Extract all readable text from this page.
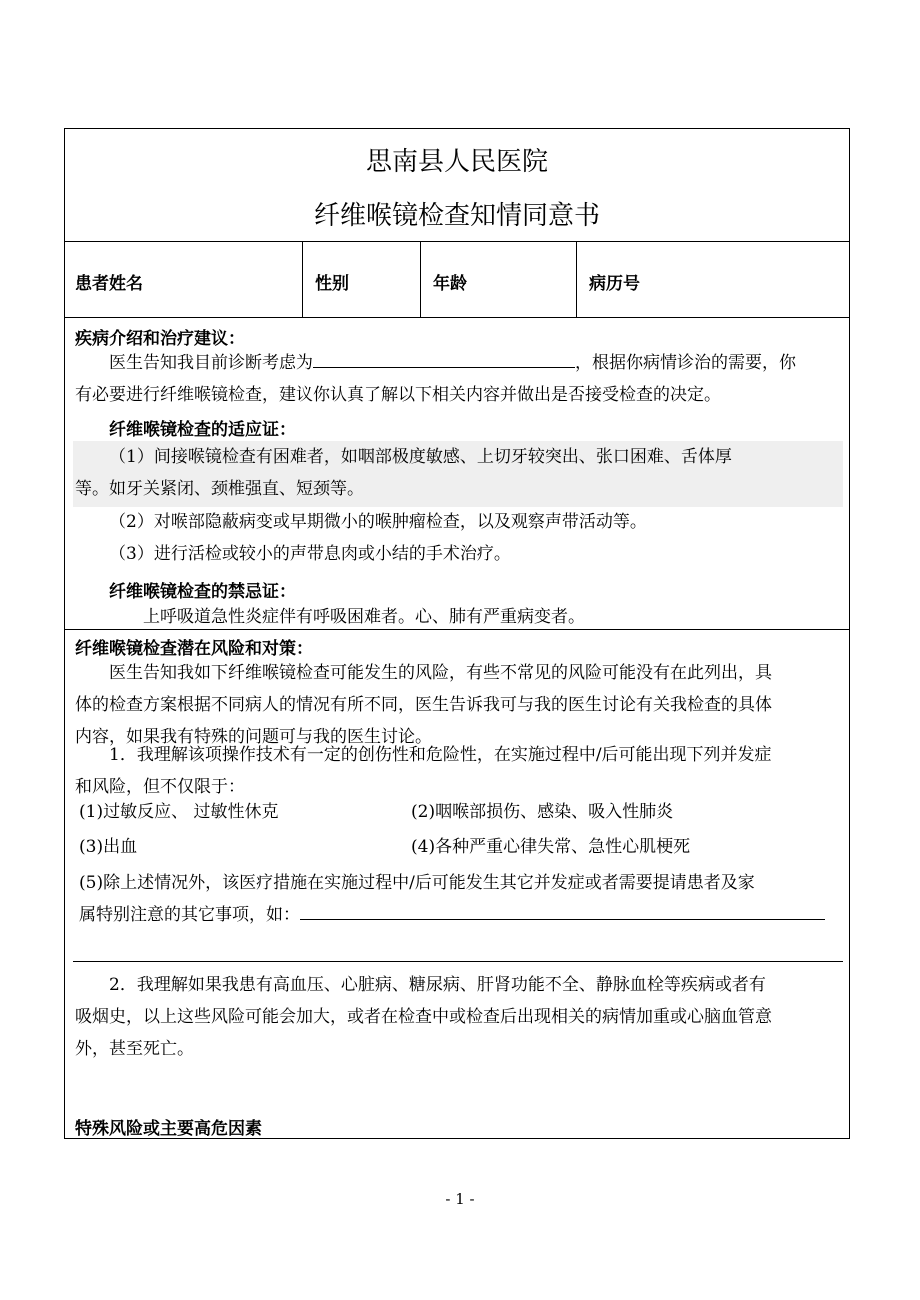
思南县人民医院
纤维喉镜检查知情同意书
患者姓名	性别	年龄	病历号
疾病介绍和治疗建议：
医生告知我目前诊断考虑为	，根据你病情诊治的需要，你
有必要进行纤维喉镜检查，建议你认真了解以下相关内容并做出是否接受检查的决定。
纤维喉镜检查的适应证：
（1）间接喉镜检查有困难者，如咽部极度敏感、上切牙较突出、张口困难、舌体厚
等。如牙关紧闭、颈椎强直、短颈等。
（2）对喉部隐蔽病变或早期微小的喉肿瘤检查，以及观察声带活动等。
（3）进行活检或较小的声带息肉或小结的手术治疗。
纤维喉镜检查的禁忌证：
上呼吸道急性炎症伴有呼吸困难者。心、肺有严重病变者。
纤维喉镜检查潜在风险和对策：
医生告知我如下纤维喉镜检查可能发生的风险，有些不常见的风险可能没有在此列出，具
体的检查方案根据不同病人的情况有所不同，医生告诉我可与我的医生讨论有关我检查的具体
内容，如果我有特殊的问题可与我的医生讨论。
1．我理解该项操作技术有一定的创伤性和危险性，在实施过程中/后可能出现下列并发症
和风险，但不仅限于：
(1)过敏反应、 过敏性休克	(2)咽喉部损伤、感染、吸入性肺炎
(3)出血	(4)各种严重心律失常、急性心肌梗死
(5)除上述情况外，该医疗措施在实施过程中/后可能发生其它并发症或者需要提请患者及家
属特别注意的其它事项，如：
2．我理解如果我患有高血压、心脏病、糖尿病、肝肾功能不全、静脉血栓等疾病或者有
吸烟史，以上这些风险可能会加大，或者在检查中或检查后出现相关的病情加重或心脑血管意
外，甚至死亡。
特殊风险或主要高危因素
- 1 -
